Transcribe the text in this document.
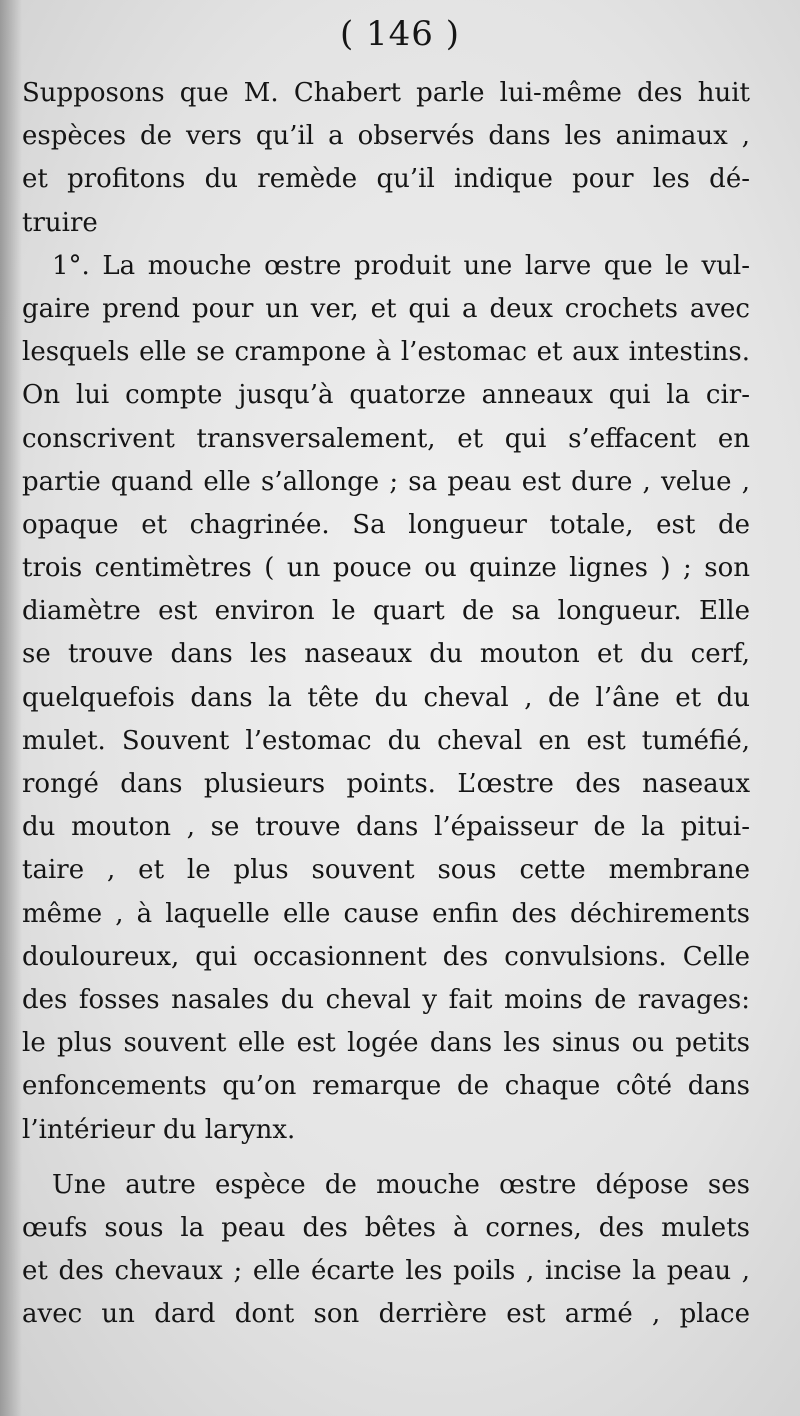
( 146 )
Supposons que M. Chabert parle lui-même des huit
espèces de vers qu’il a observés dans les animaux ,
et profitons du remède qu’il indique pour les dé-
truire
1°. La mouche œstre produit une larve que le vul-
gaire prend pour un ver, et qui a deux crochets avec
lesquels elle se crampone à l’estomac et aux intestins.
On lui compte jusqu’à quatorze anneaux qui la cir-
conscrivent transversalement, et qui s’effacent en
partie quand elle s’allonge ; sa peau est dure , velue ,
opaque et chagrinée. Sa longueur totale, est de
trois centimètres ( un pouce ou quinze lignes ) ; son
diamètre est environ le quart de sa longueur. Elle
se trouve dans les naseaux du mouton et du cerf,
quelquefois dans la tête du cheval , de l’âne et du
mulet. Souvent l’estomac du cheval en est tuméfié,
rongé dans plusieurs points. L’œstre des naseaux
du mouton , se trouve dans l’épaisseur de la pitui-
taire , et le plus souvent sous cette membrane
même , à laquelle elle cause enfin des déchirements
douloureux, qui occasionnent des convulsions. Celle
des fosses nasales du cheval y fait moins de ravages:
le plus souvent elle est logée dans les sinus ou petits
enfoncements qu’on remarque de chaque côté dans
l’intérieur du larynx.
Une autre espèce de mouche œstre dépose ses
œufs sous la peau des bêtes à cornes, des mulets
et des chevaux ; elle écarte les poils , incise la peau ,
avec un dard dont son derrière est armé , place
